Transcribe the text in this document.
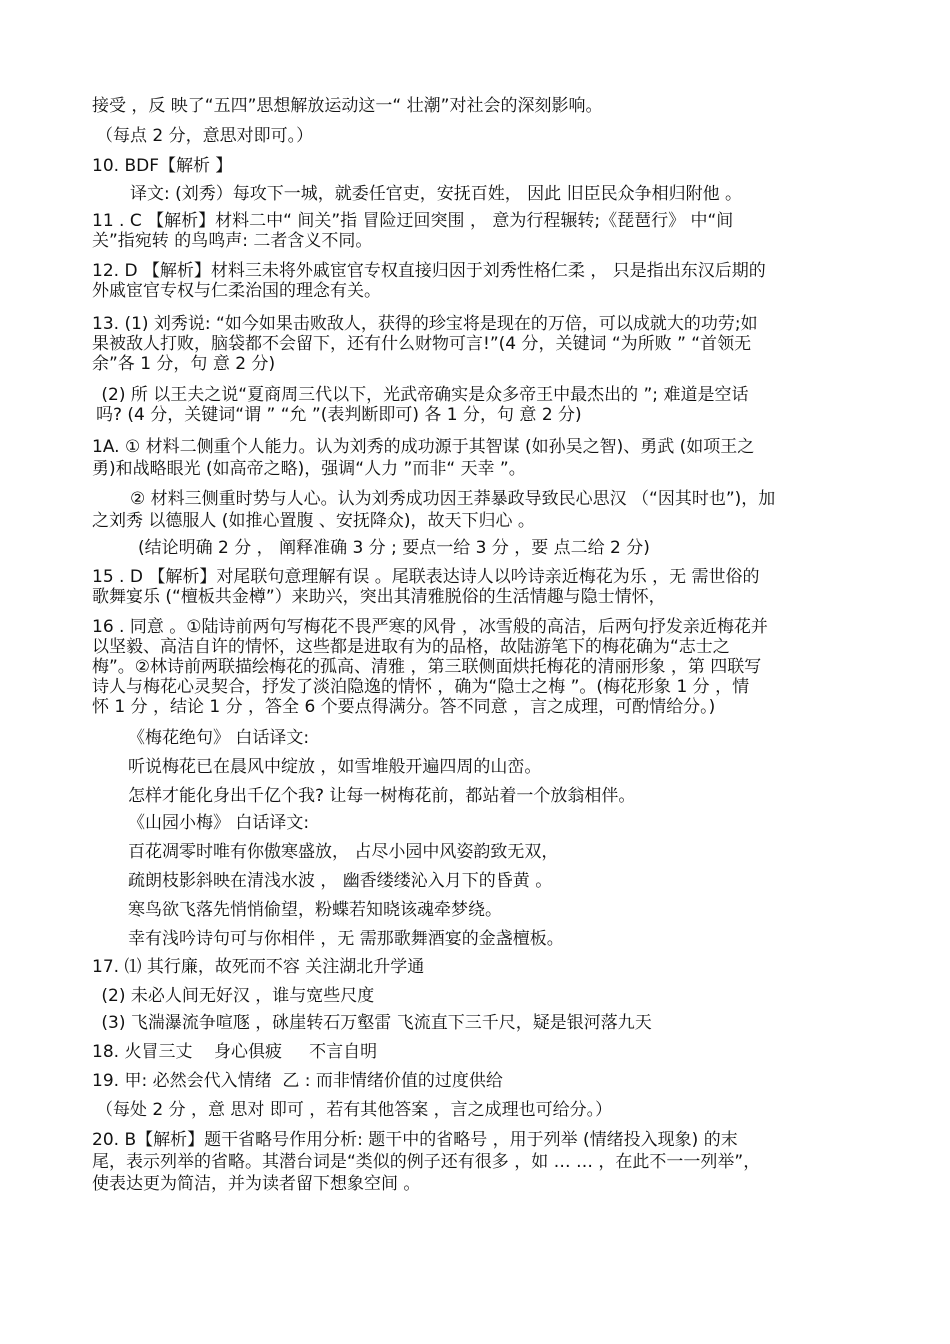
接受 ，反 映了“五四”思想解放运动这一“ 壮潮”对社会的深刻影响。
（每点 2 分，意思对即可。）
10. BDF【解析 】
译文: (刘秀）每攻下一城，就委任官吏，安抚百姓， 因此 旧臣民众争相归附他 。
11 . C 【解析】材料二中“ 间关”指 冒险迂回突围 ， 意为行程辗转;《琵琶行》 中“间
关”指宛转 的鸟鸣声: 二者含义不同。
12. D 【解析】材料三未将外戚宦官专权直接归因于刘秀性格仁柔 ， 只是指出东汉后期的
外戚宦官专权与仁柔治国的理念有关。
13. (1) 刘秀说: “如今如果击败敌人，获得的珍宝将是现在的万倍，可以成就大的功劳;如
果被敌人打败，脑袋都不会留下，还有什么财物可言!”(4 分，关键词 “为所败 ” “首领无
余”各 1 分，句 意 2 分)
(2) 所 以王夫之说“夏商周三代以下，光武帝确实是众多帝王中最杰出的 ”; 难道是空话
吗? (4 分，关键词“谓 ” “允 ”(表判断即可) 各 1 分，句 意 2 分)
1A. ① 材料二侧重个人能力。认为刘秀的成功源于其智谋 (如孙吴之智)、勇武 (如项王之
勇)和战略眼光 (如高帝之略)，强调“人力 ”而非“ 天幸 ”。
② 材料三侧重时势与人心。认为刘秀成功因王莽暴政导致民心思汉 （“因其时也”)，加
之刘秀 以德服人 (如推心置腹 、安抚降众)，故天下归心 。
(结论明确 2 分 ， 阐释准确 3 分 ; 要点一给 3 分 ，要 点二给 2 分)
15 . D 【解析】对尾联句意理解有误 。尾联表达诗人以吟诗亲近梅花为乐 ，无 需世俗的
歌舞宴乐 (“檀板共金樽”）来助兴，突出其清雅脱俗的生活情趣与隐士情怀，
16 . 同意 。①陆诗前两句写梅花不畏严寒的风骨 ，冰雪般的高洁，后两句抒发亲近梅花并
以坚毅、高洁自许的情怀，这些都是进取有为的品格，故陆游笔下的梅花确为“志士之
梅”。②林诗前两联描绘梅花的孤高、清雅 ，第三联侧面烘托梅花的清丽形象 ，第 四联写
诗人与梅花心灵契合，抒发了淡泊隐逸的情怀 ，确为“隐士之梅 ”。(梅花形象 1 分 ，情
怀 1 分 ，结论 1 分 ，答全 6 个要点得满分。答不同意 ，言之成理，可酌情给分。)
《梅花绝句》 白话译文:
听说梅花已在晨风中绽放 ，如雪堆般开遍四周的山峦。
怎样才能化身出千亿个我? 让每一树梅花前，都站着一个放翁相伴。
《山园小梅》 白话译文:
百花凋零时唯有你傲寒盛放， 占尽小园中风姿韵致无双，
疏朗枝影斜映在清浅水波 ， 幽香缕缕沁入月下的昏黄 。
寒鸟欲飞落先悄悄偷望，粉蝶若知晓该魂牵梦绕。
幸有浅吟诗句可与你相伴 ，无 需那歌舞酒宴的金盏檀板。
17. ⑴ 其行廉，故死而不容 关注湖北升学通
(2) 未必人间无好汉 ，谁与宽些尺度
(3) 飞湍瀑流争喧豗 ，砯崖转石万壑雷 飞流直下三千尺，疑是银河落九天
18. 火冒三丈    身心俱疲     不言自明
19. 甲: 必然会代入情绪  乙 : 而非情绪价值的过度供给
（每处 2 分 ，意 思对 即可 ，若有其他答案 ，言之成理也可给分。）
20. B【解析】题干省略号作用分析: 题干中的省略号 ，用于列举 (情绪投入现象) 的末
尾，表示列举的省略。其潜台词是“类似的例子还有很多 ，如 … … ，在此不一一列举”，
使表达更为简洁，并为读者留下想象空间 。
